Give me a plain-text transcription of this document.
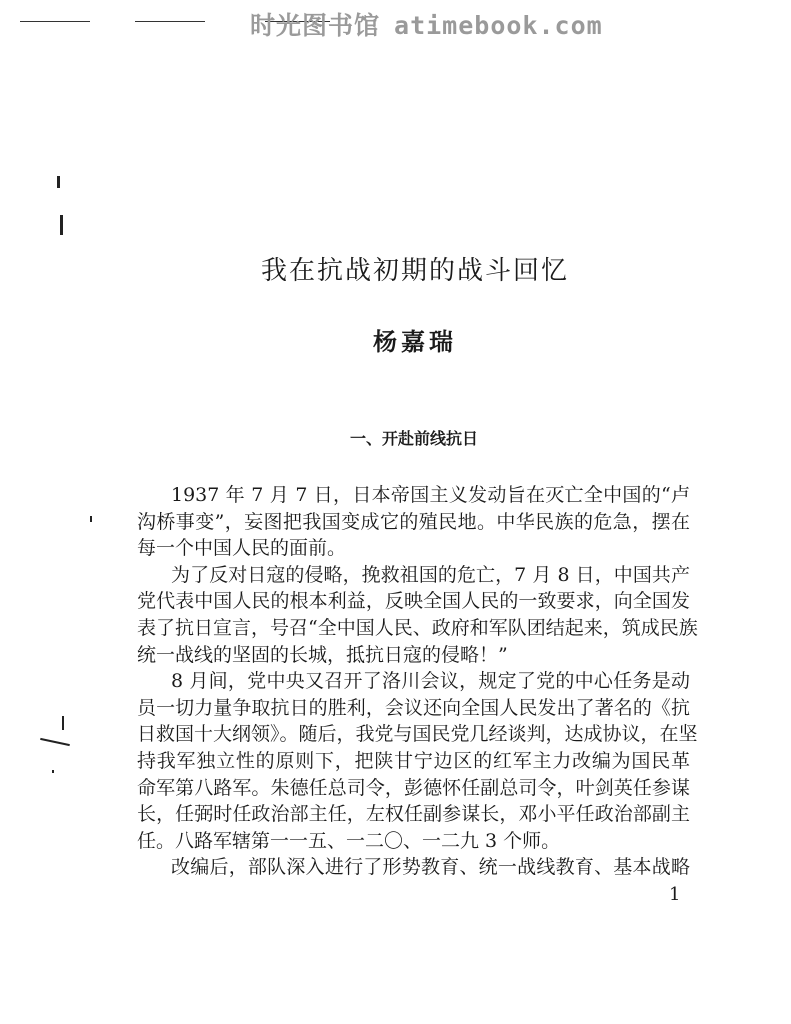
时光图书馆 atimebook.com
我在抗战初期的战斗回忆
杨嘉瑞
一、开赴前线抗日
1937 年 7 月 7 日，日本帝国主义发动旨在灭亡全中国的“卢
沟桥事变”，妄图把我国变成它的殖民地。中华民族的危急，摆在
每一个中国人民的面前。
为了反对日寇的侵略，挽救祖国的危亡，7 月 8 日，中国共产
党代表中国人民的根本利益，反映全国人民的一致要求，向全国发
表了抗日宣言，号召“全中国人民、政府和军队团结起来，筑成民族
统一战线的坚固的长城，抵抗日寇的侵略！”
8 月间，党中央又召开了洛川会议，规定了党的中心任务是动
员一切力量争取抗日的胜利，会议还向全国人民发出了著名的《抗
日救国十大纲领》。随后，我党与国民党几经谈判，达成协议，在坚
持我军独立性的原则下，把陕甘宁边区的红军主力改编为国民革
命军第八路军。朱德任总司令，彭德怀任副总司令，叶剑英任参谋
长，任弼时任政治部主任，左权任副参谋长，邓小平任政治部副主
任。八路军辖第一一五、一二〇、一二九 3 个师。
改编后，部队深入进行了形势教育、统一战线教育、基本战略
1
